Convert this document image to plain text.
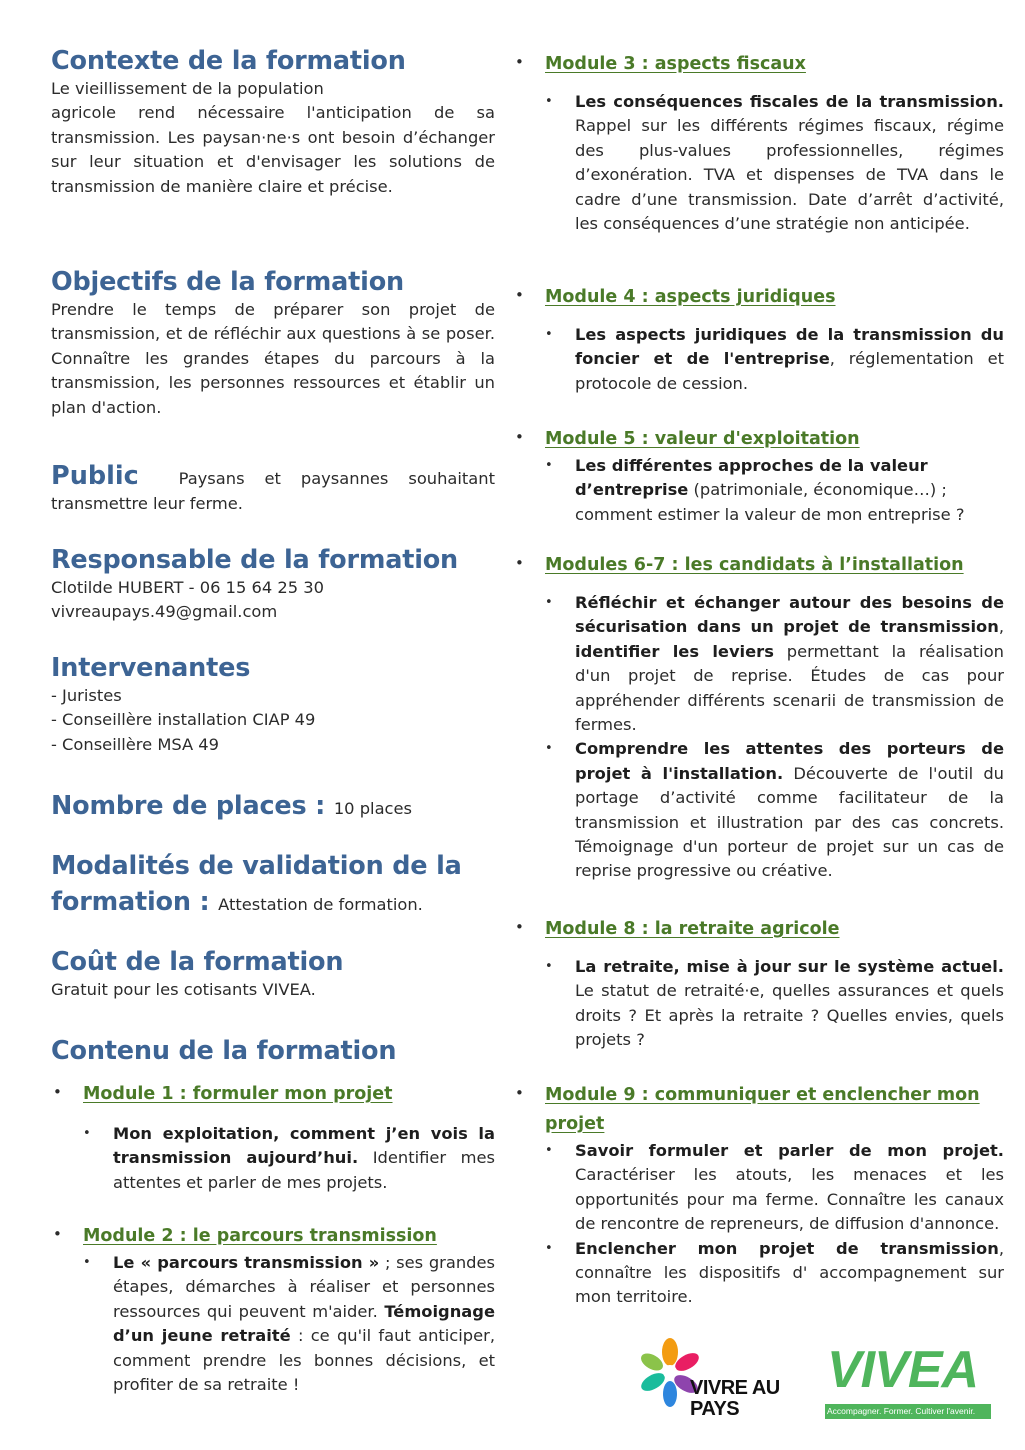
Contexte de la formation
Le vieillissement de la population
agricole rend nécessaire l'anticipation de sa transmission. Les paysan·ne·s ont besoin d’échanger sur leur situation et d'envisager les solutions de transmission de manière claire et précise.
Objectifs de la formation
Prendre le temps de préparer son projet de transmission, et de réfléchir aux questions à se poser. Connaître les grandes étapes du parcours à la transmission, les personnes ressources et établir un plan d'action.
Public Paysans et paysannes souhaitant transmettre leur ferme.
Responsable de la formation
Clotilde HUBERT - 06 15 64 25 30
vivreaupays.49@gmail.com
Intervenantes
- Juristes
- Conseillère installation CIAP 49
- Conseillère MSA 49
Nombre de places : 10 places
Modalités de validation de la
formation : Attestation de formation.
Coût de la formation
Gratuit pour les cotisants VIVEA.
Contenu de la formation
•	Module 1 : formuler mon projet
•	Mon exploitation, comment j’en vois la transmission aujourd’hui. Identifier mes attentes et parler de mes projets.
•	Module 2 : le parcours transmission
•	Le « parcours transmission » ; ses grandes étapes, démarches à réaliser et personnes ressources qui peuvent m'aider. Témoignage d’un jeune retraité : ce qu'il faut anticiper, comment prendre les bonnes décisions, et profiter de sa retraite !
•	Module 3 : aspects fiscaux
•	Les conséquences fiscales de la transmission. Rappel sur les différents régimes fiscaux, régime des plus-values professionnelles, régimes d’exonération. TVA et dispenses de TVA dans le cadre d’une transmission. Date d’arrêt d’activité, les conséquences d’une stratégie non anticipée.
•	Module 4 : aspects juridiques
•	Les aspects juridiques de la transmission du foncier et de l'entreprise, réglementation et protocole de cession.
•	Module 5 : valeur d'exploitation
•	Les différentes approches de la valeur d’entreprise (patrimoniale, économique…) ; comment estimer la valeur de mon entreprise ?
•	Modules 6-7 : les candidats à l’installation
•	Réfléchir et échanger autour des besoins de sécurisation dans un projet de transmission, identifier les leviers permettant la réalisation d'un projet de reprise. Études de cas pour appréhender différents scenarii de transmission de fermes.
•	Comprendre les attentes des porteurs de projet à l'installation. Découverte de l'outil du portage d’activité comme facilitateur de la transmission et illustration par des cas concrets. Témoignage d'un porteur de projet sur un cas de reprise progressive ou créative.
•	Module 8 : la retraite agricole
•	La retraite, mise à jour sur le système actuel. Le statut de retraité·e, quelles assurances et quels droits ? Et après la retraite ? Quelles envies, quels projets ?
•	Module 9 : communiquer et enclencher mon projet
•	Savoir formuler et parler de mon projet. Caractériser les atouts, les menaces et les opportunités pour ma ferme. Connaître les canaux de rencontre de repreneurs, de diffusion d'annonce.
•	Enclencher mon projet de transmission, connaître les dispositifs d' accompagnement sur mon territoire.
VIVRE AU PAYS
VIVEA
Accompagner. Former. Cultiver l'avenir.
